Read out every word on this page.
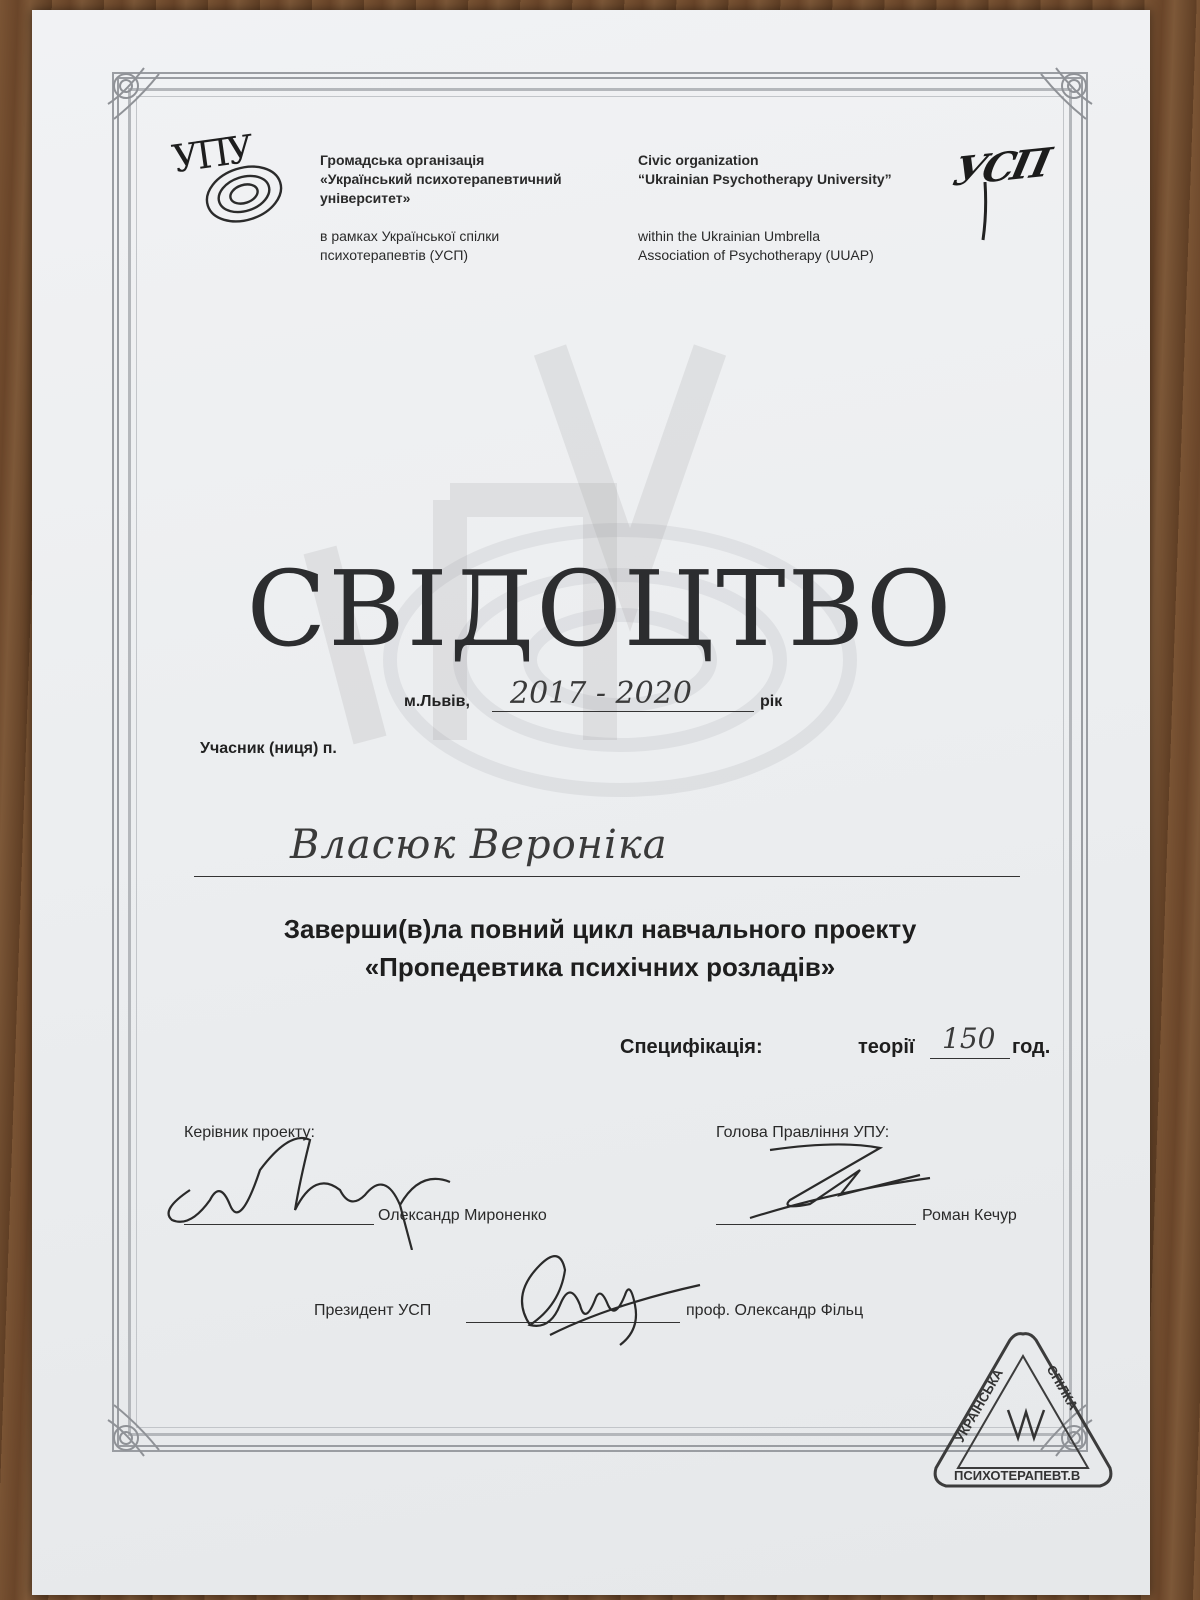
УПУ	Громадська організація
«Український психотерапевтичний
університет»
в рамках Української спілки
психотерапевтів (УСП)
Civic organization
“Ukrainian Psychotherapy University”
within the Ukrainian Umbrella
Association of Psychotherapy (UUAP)
УСП
СВІДОЦТВО
м.Львів, 2017 - 2020	рік
Учасник (ниця) п.
Власюк Вероніка
Заверши(в)ла повний цикл навчального проекту
«Пропедевтика психічних розладів»
Специфікація:	теорії 150 год.
Керівник проекту:
Олександр Мироненко
Голова Правління УПУ:
Роман Кечур
Президент УСП	проф. Олександр Фільц
УКРАЇНСЬКА	СПІЛКА
ПСИХОТЕРАПЕВТ.В
